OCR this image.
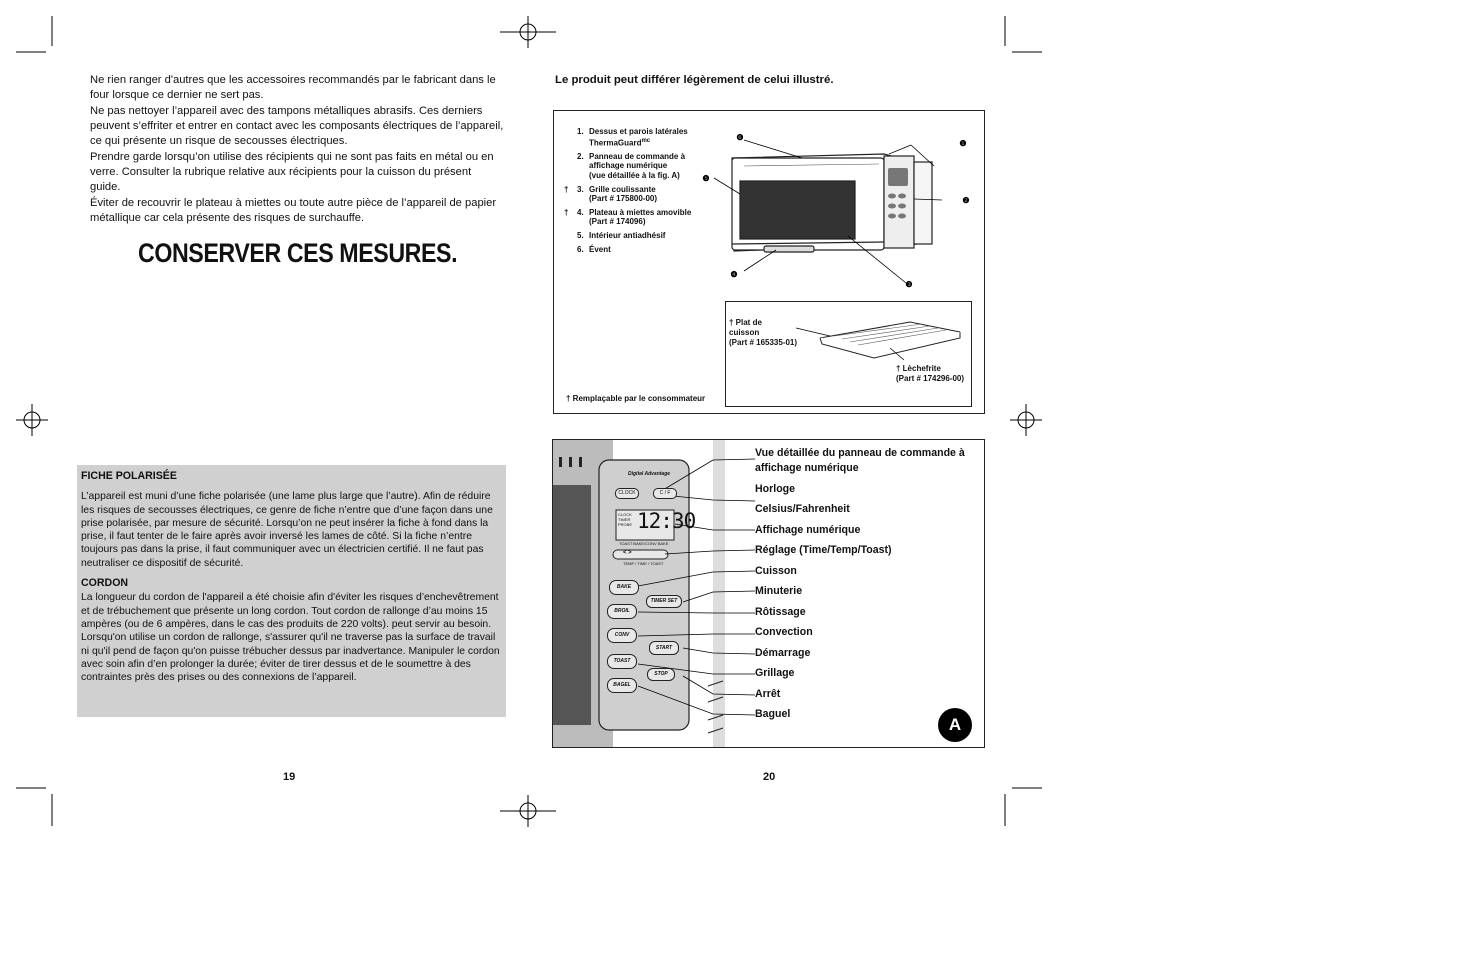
Ne rien ranger d'autres que les accessoires recommandés par le fabricant dans le four lorsque ce dernier ne sert pas.

Ne pas nettoyer l’appareil avec des tampons métalliques abrasifs. Ces derniers peuvent s’effriter et entrer en contact avec les composants électriques de l’appareil, ce qui présente un risque de secousses électriques.

Prendre garde lorsqu’on utilise des récipients qui ne sont pas faits en métal ou en verre. Consulter la rubrique relative aux récipients pour la cuisson du présent guide.

Éviter de recouvrir le plateau à miettes ou toute autre pièce de l’appareil de papier métallique car cela présente des risques de surchauffe.

CONSERVER CES MESURES.
FICHE POLARISÉE

L’appareil est muni d’une fiche polarisée (une lame plus large que l’autre). Afin de réduire les risques de secousses électriques, ce genre de fiche n’entre que d’une façon dans une prise polarisée, par mesure de sécurité. Lorsqu’on ne peut insérer la fiche à fond dans la prise, il faut tenter de le faire après avoir inversé les lames de côté. Si la fiche n’entre toujours pas dans la prise, il faut communiquer avec un électricien certifié. Il ne faut pas neutraliser ce dispositif de sécurité.

CORDON

La longueur du cordon de l'appareil a été choisie afin d'éviter les risques d’enchevêtrement et de trébuchement que présente un long cordon. Tout cordon de rallonge d’au moins 15 ampères (ou de 6 ampères, dans le cas des produits de 220 volts). peut servir au besoin. Lorsqu'on utilise un cordon de rallonge, s'assurer qu'il ne traverse pas la surface de travail ni qu'il pend de façon qu'on puisse trébucher dessus par inadvertance. Manipuler le cordon avec soin afin d’en prolonger la durée; éviter de tirer dessus et de le soumettre à des contraintes près des prises ou des connexions de l’appareil.

19
Le produit peut différer légèrement de celui illustré.
1. Dessus et parois latérales
ThermaGuard$^{mc}$
2. Panneau de commande à
affichage numérique
(vue détaillée à la fig. A)
† 3. Grille coulissante
(Part # 175800-00)
† 4. Plateau à miettes amovible
(Part # 174096)
5. Intérieur antiadhésif
6. Évent
❶
❷
❸
❹
❺
❻
† Plat de
cuisson
(Part # 165335-01)
† Lèchefrite
(Part # 174296-00)
† Remplaçable par le consommateur
Digital Advantage
CLOCK	C / F
CLOCK
TIMER
PROBE 12:30
TOAST BAKE/CONV BAKE
< >
TEMP / TIME / TOAST
BAKE
TIMER SET
BROIL
CONV
START
TOAST
STOP
BAGEL
Vue détaillée du panneau de commande à
affichage numérique
Horloge
Celsius/Fahrenheit
Affichage numérique
Réglage (Time/Temp/Toast)
Cuisson
Minuterie
Rôtissage
Convection
Démarrage
Grillage
Arrêt
Baguel
A
20
